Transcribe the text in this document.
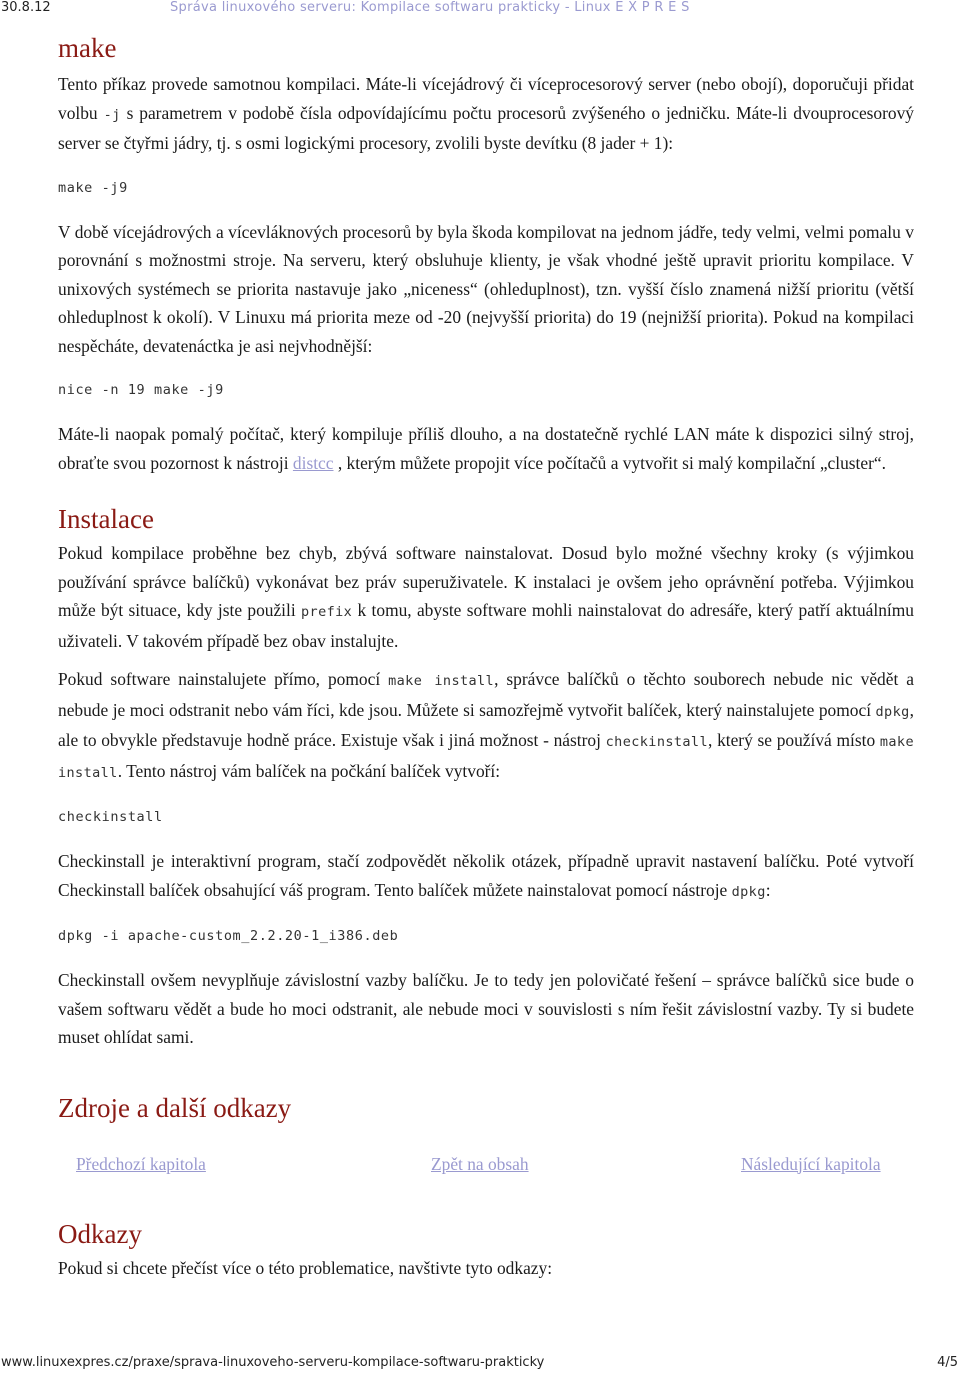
30.8.12	Správa linuxového serveru: Kompilace softwaru prakticky - Linux E X P R E S
make

Tento příkaz provede samotnou kompilaci. Máte-li vícejádrový či víceprocesorový server (nebo obojí), doporučuji přidat volbu -j s parametrem v podobě čísla odpovídajícímu počtu procesorů zvýšeného o jedničku. Máte-li dvouprocesorový server se čtyřmi jádry, tj. s osmi logickými procesory, zvolili byste devítku (8 jader + 1):

make -j9

V době vícejádrových a vícevláknových procesorů by byla škoda kompilovat na jednom jádře, tedy velmi, velmi pomalu v porovnání s možnostmi stroje. Na serveru, který obsluhuje klienty, je však vhodné ještě upravit prioritu kompilace. V unixových systémech se priorita nastavuje jako „niceness“ (ohleduplnost), tzn. vyšší číslo znamená nižší prioritu (větší ohleduplnost k okolí). V Linuxu má priorita meze od -20 (nejvyšší priorita) do 19 (nejnižší priorita). Pokud na kompilaci nespěcháte, devatenáctka je asi nejvhodnější:

nice -n 19 make -j9

Máte-li naopak pomalý počítač, který kompiluje příliš dlouho, a na dostatečně rychlé LAN máte k dispozici silný stroj, obraťte svou pozornost k nástroji distcc , kterým můžete propojit více počítačů a vytvořit si malý kompilační „cluster“.

Instalace

Pokud kompilace proběhne bez chyb, zbývá software nainstalovat. Dosud bylo možné všechny kroky (s výjimkou používání správce balíčků) vykonávat bez práv superuživatele. K instalaci je ovšem jeho oprávnění potřeba. Výjimkou může být situace, kdy jste použili prefix k tomu, abyste software mohli nainstalovat do adresáře, který patří aktuálnímu uživateli. V takovém případě bez obav instalujte.

Pokud software nainstalujete přímo, pomocí make install, správce balíčků o těchto souborech nebude nic vědět a nebude je moci odstranit nebo vám říci, kde jsou. Můžete si samozřejmě vytvořit balíček, který nainstalujete pomocí dpkg, ale to obvykle představuje hodně práce. Existuje však i jiná možnost - nástroj checkinstall, který se používá místo make install. Tento nástroj vám balíček na počkání balíček vytvoří:

checkinstall

Checkinstall je interaktivní program, stačí zodpovědět několik otázek, případně upravit nastavení balíčku. Poté vytvoří Checkinstall balíček obsahující váš program. Tento balíček můžete nainstalovat pomocí nástroje dpkg:

dpkg -i apache-custom_2.2.20-1_i386.deb

Checkinstall ovšem nevyplňuje závislostní vazby balíčku. Je to tedy jen polovičaté řešení – správce balíčků sice bude o vašem softwaru vědět a bude ho moci odstranit, ale nebude moci v souvislosti s ním řešit závislostní vazby. Ty si budete muset ohlídat sami.

Zdroje a další odkazy
Předchozí kapitola	Zpět na obsah	Následující kapitola
Odkazy

Pokud si chcete přečíst více o této problematice, navštivte tyto odkazy:

www.linuxexpres.cz/praxe/sprava-linuxoveho-serveru-kompilace-softwaru-prakticky	4/5
